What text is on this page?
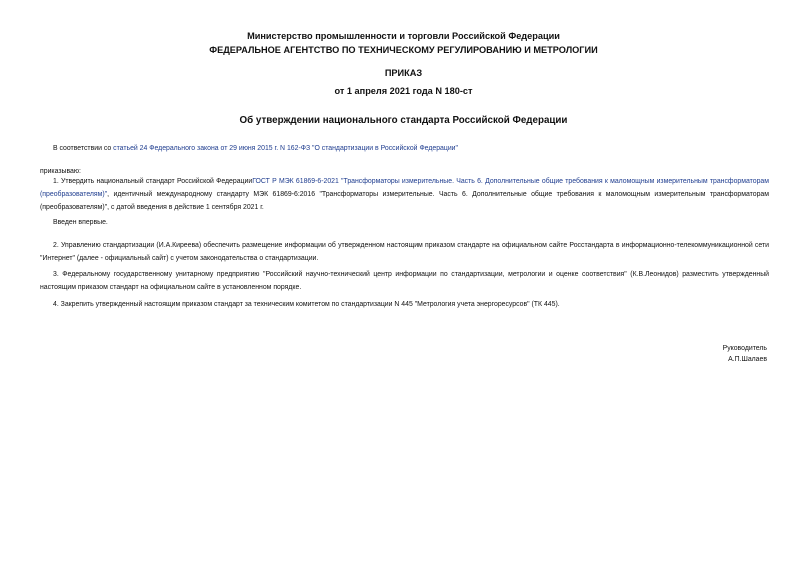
Министерство промышленности и торговли Российской Федерации
ФЕДЕРАЛЬНОЕ АГЕНТСТВО ПО ТЕХНИЧЕСКОМУ РЕГУЛИРОВАНИЮ И МЕТРОЛОГИИ
ПРИКАЗ
от 1 апреля 2021 года N 180-ст
Об утверждении национального стандарта Российской Федерации
В соответствии со статьей 24 Федерального закона от 29 июня 2015 г. N 162-ФЗ "О стандартизации в Российской Федерации"
приказываю:
1. Утвердить национальный стандарт Российской ФедерацииГОСТ Р МЭК 61869-6-2021 "Трансформаторы измерительные. Часть 6. Дополнительные общие требования к маломощным измерительным трансформаторам (преобразователям)", идентичный международному стандарту МЭК 61869-6:2016 "Трансформаторы измерительные. Часть 6. Дополнительные общие требования к маломощным измерительным трансформаторам (преобразователям)", с датой введения в действие 1 сентября 2021 г.
Введен впервые.
2. Управлению стандартизации (И.А.Киреева) обеспечить размещение информации об утвержденном настоящим приказом стандарте на официальном сайте Росстандарта в информационно-телекоммуникационной сети "Интернет" (далее - официальный сайт) с учетом законодательства о стандартизации.
3. Федеральному государственному унитарному предприятию "Российский научно-технический центр информации по стандартизации, метрологии и оценке соответствия" (К.В.Леонидов) разместить утвержденный настоящим приказом стандарт на официальном сайте в установленном порядке.
4. Закрепить утвержденный настоящим приказом стандарт за техническим комитетом по стандартизации N 445 "Метрология учета энергоресурсов" (ТК 445).
Руководитель
А.П.Шалаев
